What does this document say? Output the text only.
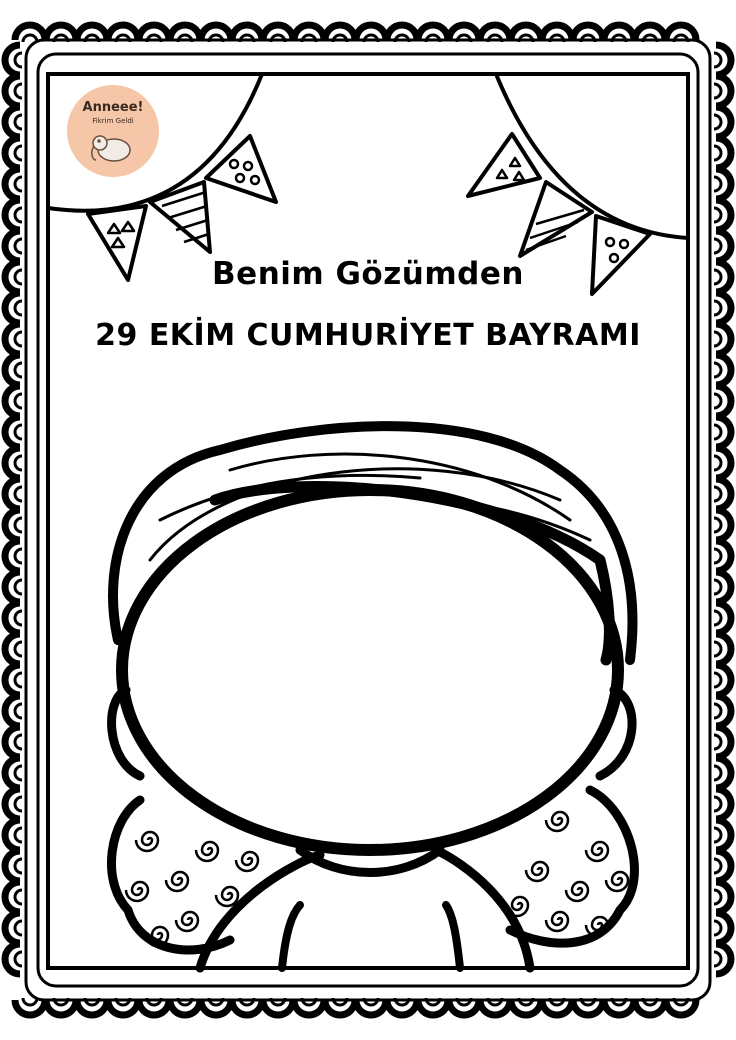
Anneee!
Fikrim Geldi
Benim Gözümden
29 EKİM CUMHURİYET BAYRAMI
